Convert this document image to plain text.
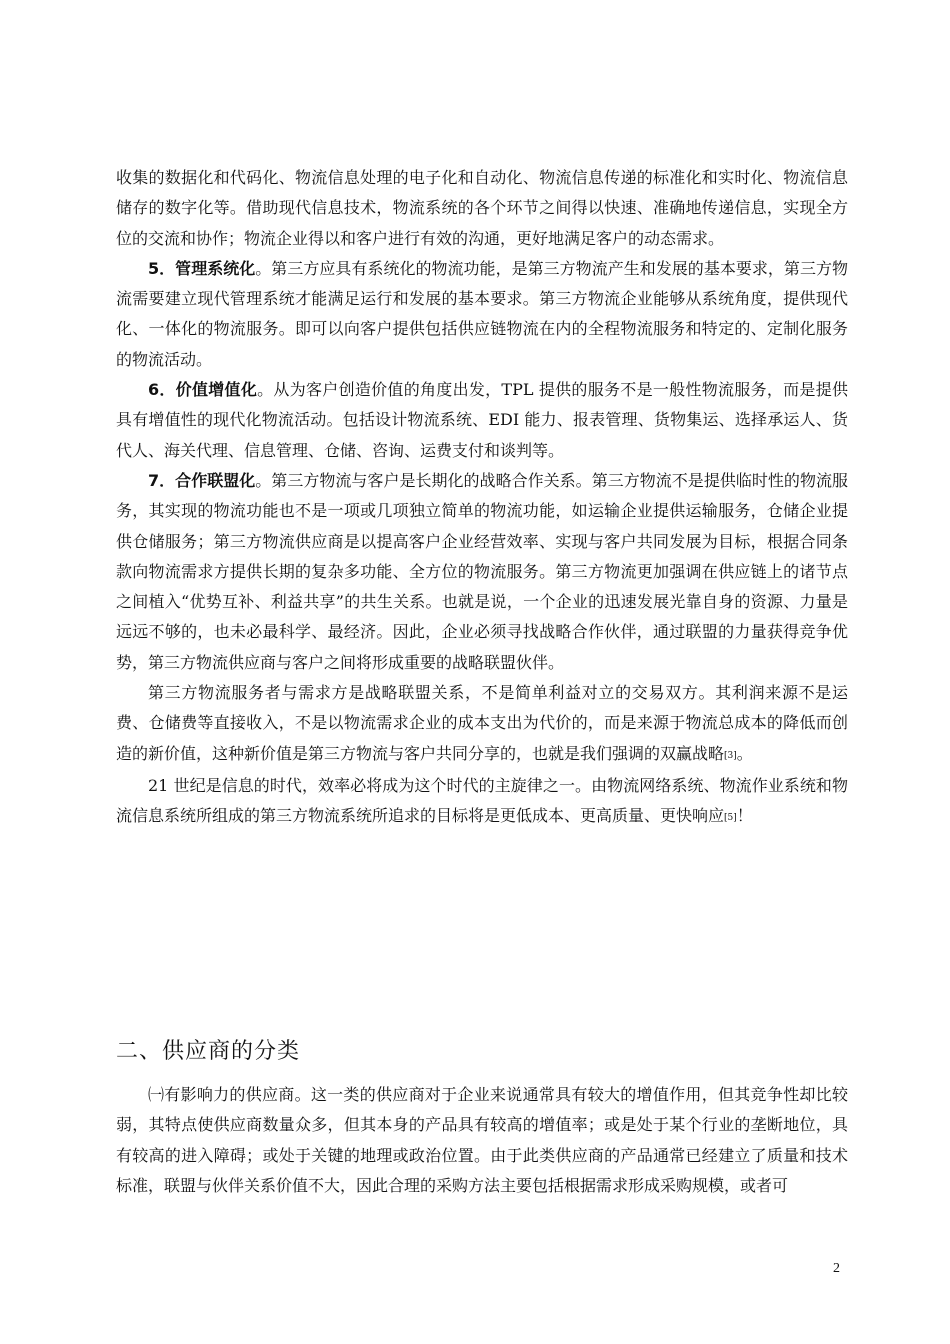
收集的数据化和代码化、物流信息处理的电子化和自动化、物流信息传递的标准化和实时化、物流信息储存的数字化等。借助现代信息技术，物流系统的各个环节之间得以快速、准确地传递信息，实现全方位的交流和协作；物流企业得以和客户进行有效的沟通，更好地满足客户的动态需求。

5．管理系统化。第三方应具有系统化的物流功能，是第三方物流产生和发展的基本要求，第三方物流需要建立现代管理系统才能满足运行和发展的基本要求。第三方物流企业能够从系统角度，提供现代化、一体化的物流服务。即可以向客户提供包括供应链物流在内的全程物流服务和特定的、定制化服务的物流活动。

6．价值增值化。从为客户创造价值的角度出发，TPL 提供的服务不是一般性物流服务，而是提供具有增值性的现代化物流活动。包括设计物流系统、EDI 能力、报表管理、货物集运、选择承运人、货代人、海关代理、信息管理、仓储、咨询、运费支付和谈判等。

7．合作联盟化。第三方物流与客户是长期化的战略合作关系。第三方物流不是提供临时性的物流服务，其实现的物流功能也不是一项或几项独立简单的物流功能，如运输企业提供运输服务，仓储企业提供仓储服务；第三方物流供应商是以提高客户企业经营效率、实现与客户共同发展为目标，根据合同条款向物流需求方提供长期的复杂多功能、全方位的物流服务。第三方物流更加强调在供应链上的诸节点之间植入“优势互补、利益共享”的共生关系。也就是说，一个企业的迅速发展光靠自身的资源、力量是远远不够的，也未必最科学、最经济。因此，企业必须寻找战略合作伙伴，通过联盟的力量获得竞争优势，第三方物流供应商与客户之间将形成重要的战略联盟伙伴。

第三方物流服务者与需求方是战略联盟关系，不是简单利益对立的交易双方。其利润来源不是运费、仓储费等直接收入，不是以物流需求企业的成本支出为代价的，而是来源于物流总成本的降低而创造的新价值，这种新价值是第三方物流与客户共同分享的，也就是我们强调的双赢战略[3]。

21 世纪是信息的时代，效率必将成为这个时代的主旋律之一。由物流网络系统、物流作业系统和物流信息系统所组成的第三方物流系统所追求的目标将是更低成本、更高质量、更快响应[5]！

二、供应商的分类

㈠有影响力的供应商。这一类的供应商对于企业来说通常具有较大的增值作用，但其竞争性却比较弱，其特点使供应商数量众多，但其本身的产品具有较高的增值率；或是处于某个行业的垄断地位，具有较高的进入障碍；或处于关键的地理或政治位置。由于此类供应商的产品通常已经建立了质量和技术标准，联盟与伙伴关系价值不大，因此合理的采购方法主要包括根据需求形成采购规模，或者可

2
